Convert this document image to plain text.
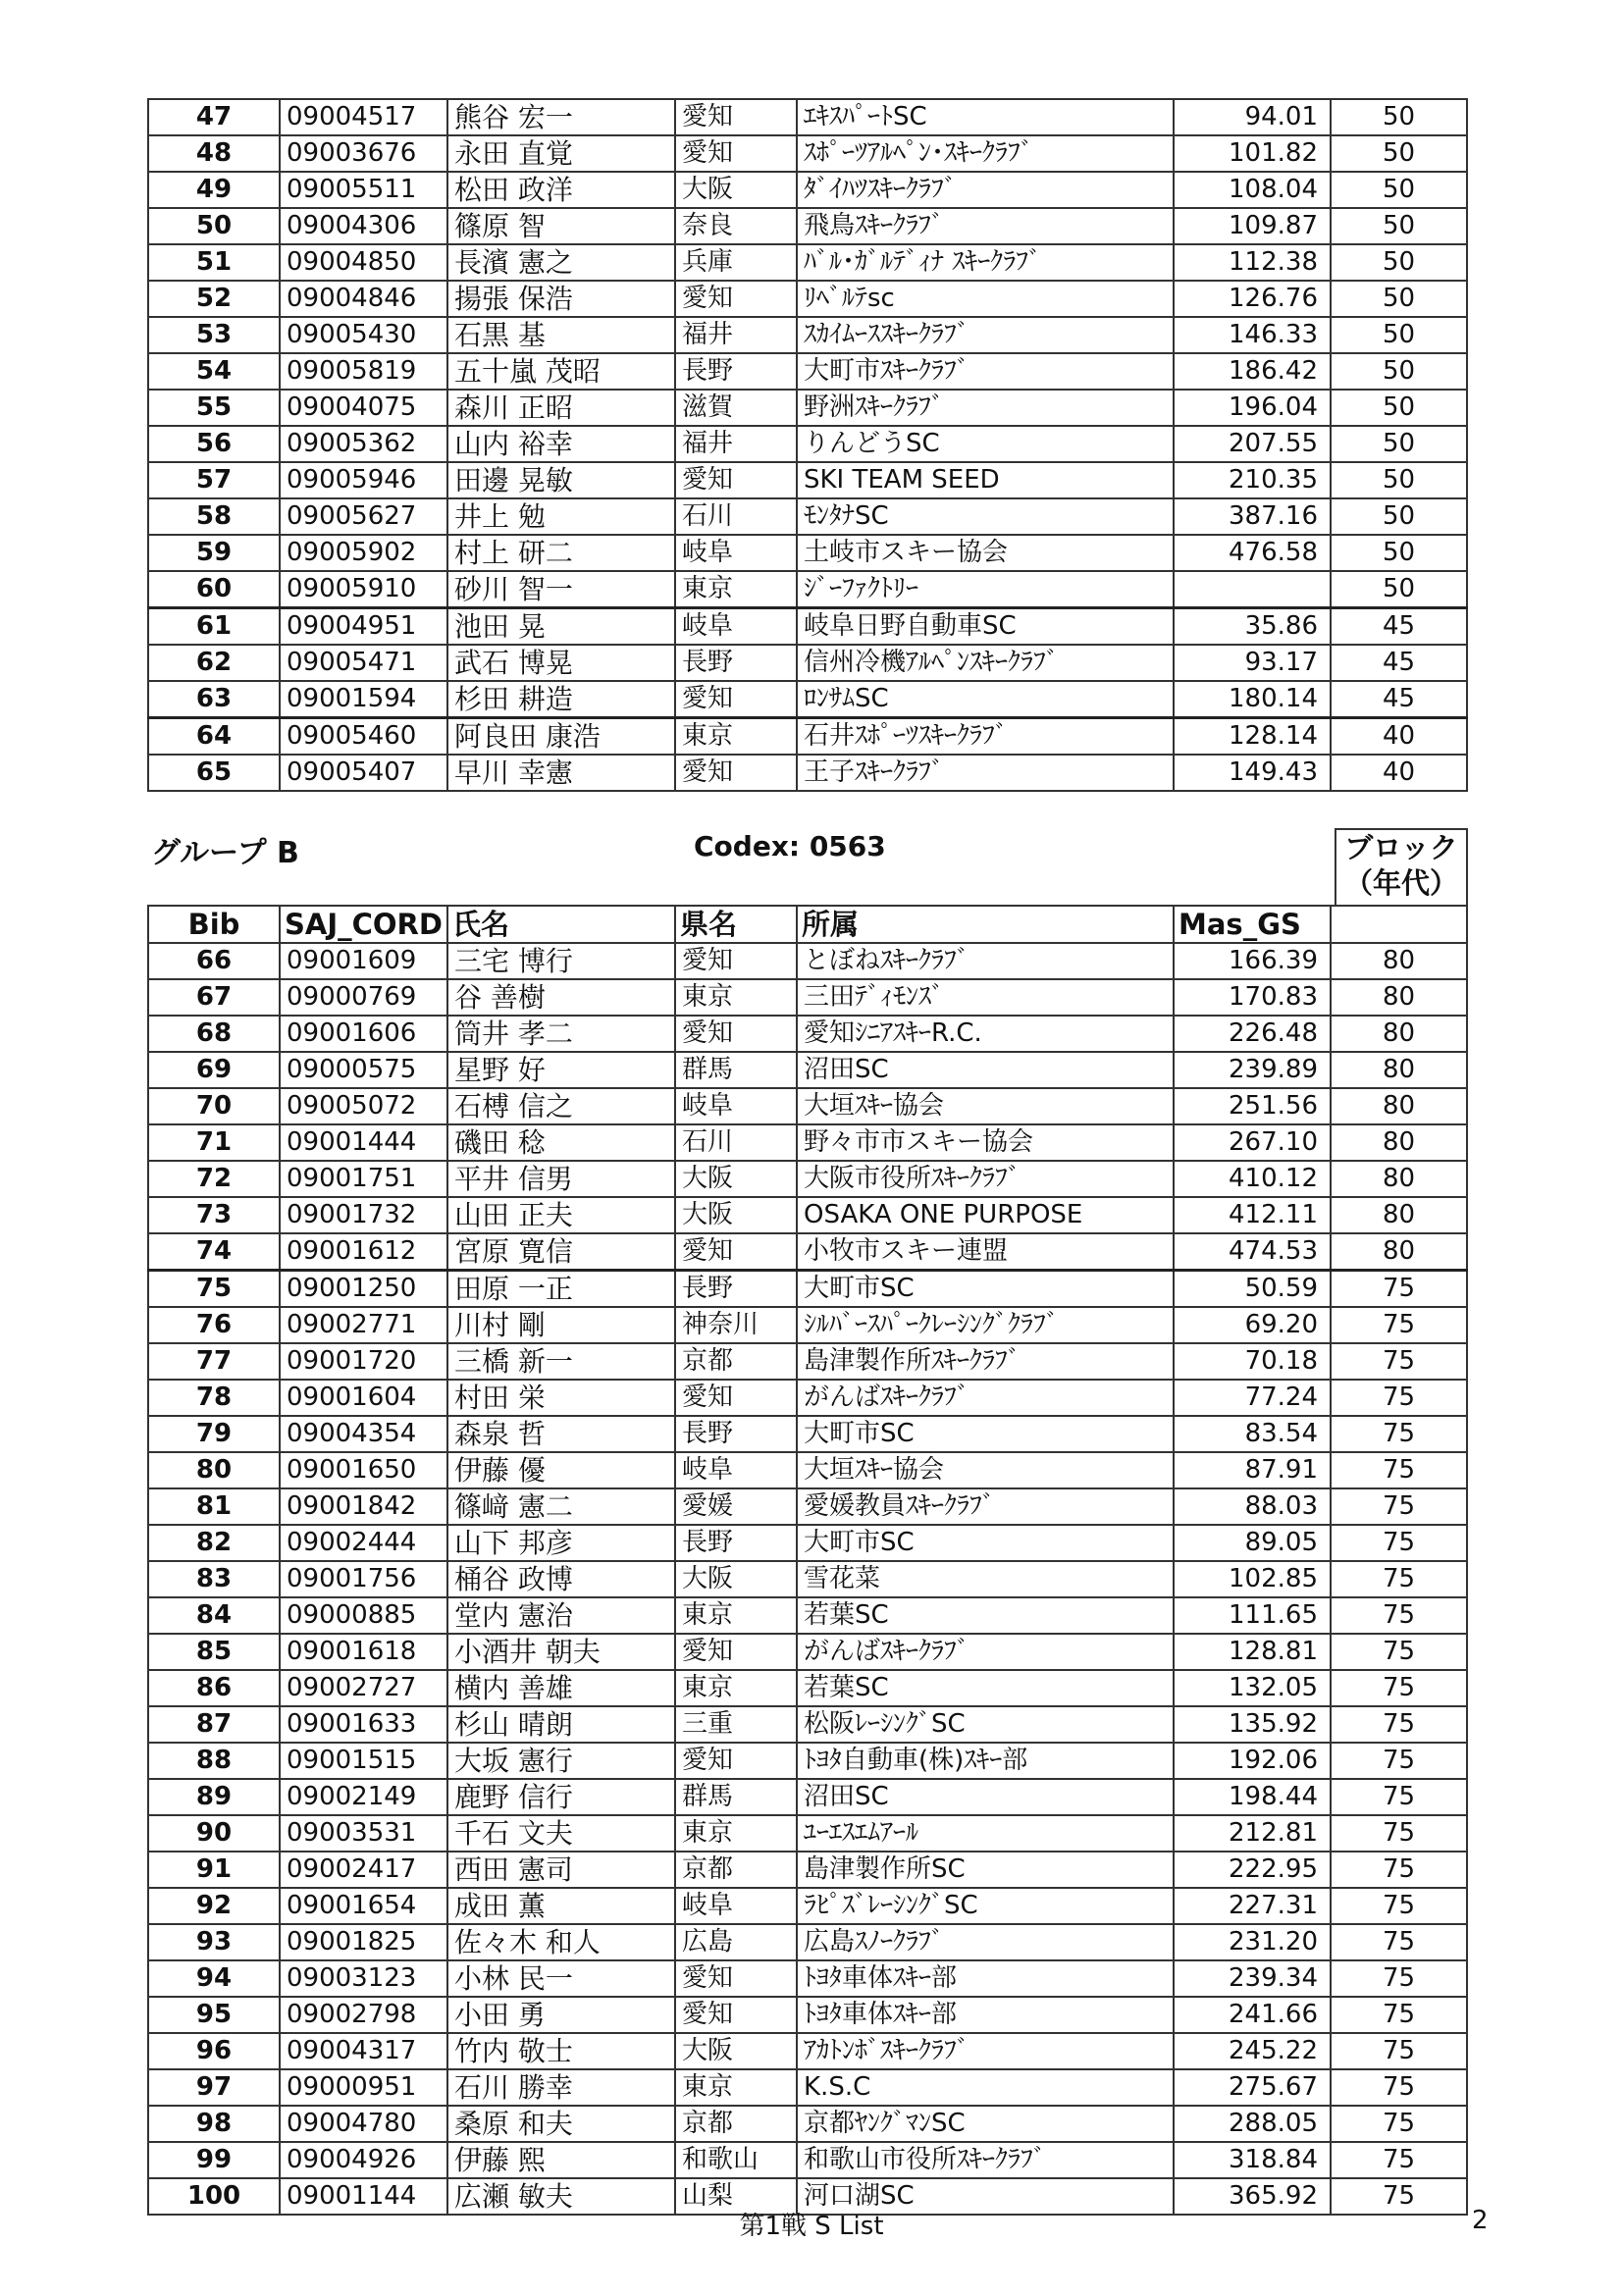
47	09004517	熊谷 宏一	愛知	ｴｷｽﾊﾟｰﾄSC	94.01	50
48	09003676	永田 直覚	愛知	ｽﾎﾟｰﾂｱﾙﾍﾟﾝ･ｽｷｰｸﾗﾌﾞ	101.82	50
49	09005511	松田 政洋	大阪	ﾀﾞｲﾊﾂｽｷｰｸﾗﾌﾞ	108.04	50
50	09004306	篠原 智	奈良	飛鳥ｽｷｰｸﾗﾌﾞ	109.87	50
51	09004850	長濱 憲之	兵庫	ﾊﾞﾙ･ｶﾞﾙﾃﾞｨﾅ ｽｷｰｸﾗﾌﾞ	112.38	50
52	09004846	揚張 保浩	愛知	ﾘﾍﾞﾙﾃsc	126.76	50
53	09005430	石黒 基	福井	ｽｶｲﾑｰｽｽｷｰｸﾗﾌﾞ	146.33	50
54	09005819	五十嵐 茂昭	長野	大町市ｽｷｰｸﾗﾌﾞ	186.42	50
55	09004075	森川 正昭	滋賀	野洲ｽｷｰｸﾗﾌﾞ	196.04	50
56	09005362	山内 裕幸	福井	りんどうSC	207.55	50
57	09005946	田邊 晃敏	愛知	SKI TEAM SEED	210.35	50
58	09005627	井上 勉	石川	ﾓﾝﾀﾅSC	387.16	50
59	09005902	村上 研二	岐阜	土岐市スキー協会	476.58	50
60	09005910	砂川 智一	東京	ｼﾞｰﾌｧｸﾄﾘｰ		50
61	09004951	池田 晃	岐阜	岐阜日野自動車SC	35.86	45
62	09005471	武石 博晃	長野	信州冷機ｱﾙﾍﾟﾝｽｷｰｸﾗﾌﾞ	93.17	45
63	09001594	杉田 耕造	愛知	ﾛﾝｻﾑSC	180.14	45
64	09005460	阿良田 康浩	東京	石井ｽﾎﾟｰﾂｽｷｰｸﾗﾌﾞ	128.14	40
65	09005407	早川 幸憲	愛知	王子ｽｷｰｸﾗﾌﾞ	149.43	40
グループ B	Codex: 0563	ブロック
（年代）
Bib	SAJ_CORD	氏名	県名	所属	Mas_GS	
66	09001609	三宅 博行	愛知	とぼねｽｷｰｸﾗﾌﾞ	166.39	80
67	09000769	谷 善樹	東京	三田ﾃﾞｨﾓﾝｽﾞ	170.83	80
68	09001606	筒井 孝二	愛知	愛知ｼﾆｱｽｷｰR.C.	226.48	80
69	09000575	星野 好	群馬	沼田SC	239.89	80
70	09005072	石榑 信之	岐阜	大垣ｽｷｰ協会	251.56	80
71	09001444	磯田 稔	石川	野々市市スキー協会	267.10	80
72	09001751	平井 信男	大阪	大阪市役所ｽｷｰｸﾗﾌﾞ	410.12	80
73	09001732	山田 正夫	大阪	OSAKA ONE PURPOSE	412.11	80
74	09001612	宮原 寛信	愛知	小牧市スキー連盟	474.53	80
75	09001250	田原 一正	長野	大町市SC	50.59	75
76	09002771	川村 剛	神奈川	ｼﾙﾊﾞｰｽﾊﾟｰｸﾚｰｼﾝｸﾞｸﾗﾌﾞ	69.20	75
77	09001720	三橋 新一	京都	島津製作所ｽｷｰｸﾗﾌﾞ	70.18	75
78	09001604	村田 栄	愛知	がんばｽｷｰｸﾗﾌﾞ	77.24	75
79	09004354	森泉 哲	長野	大町市SC	83.54	75
80	09001650	伊藤 優	岐阜	大垣ｽｷｰ協会	87.91	75
81	09001842	篠﨑 憲二	愛媛	愛媛教員ｽｷｰｸﾗﾌﾞ	88.03	75
82	09002444	山下 邦彦	長野	大町市SC	89.05	75
83	09001756	桶谷 政博	大阪	雪花菜	102.85	75
84	09000885	堂内 憲治	東京	若葉SC	111.65	75
85	09001618	小酒井 朝夫	愛知	がんばｽｷｰｸﾗﾌﾞ	128.81	75
86	09002727	横内 善雄	東京	若葉SC	132.05	75
87	09001633	杉山 晴朗	三重	松阪ﾚｰｼﾝｸﾞSC	135.92	75
88	09001515	大坂 憲行	愛知	ﾄﾖﾀ自動車(株)ｽｷｰ部	192.06	75
89	09002149	鹿野 信行	群馬	沼田SC	198.44	75
90	09003531	千石 文夫	東京	ﾕｰｴｽｴﾑｱｰﾙ	212.81	75
91	09002417	西田 憲司	京都	島津製作所SC	222.95	75
92	09001654	成田 薫	岐阜	ﾗﾋﾟｽﾞﾚｰｼﾝｸﾞSC	227.31	75
93	09001825	佐々木 和人	広島	広島ｽﾉｰｸﾗﾌﾞ	231.20	75
94	09003123	小林 民一	愛知	ﾄﾖﾀ車体ｽｷｰ部	239.34	75
95	09002798	小田 勇	愛知	ﾄﾖﾀ車体ｽｷｰ部	241.66	75
96	09004317	竹内 敬士	大阪	ｱｶﾄﾝﾎﾞｽｷｰｸﾗﾌﾞ	245.22	75
97	09000951	石川 勝幸	東京	K.S.C	275.67	75
98	09004780	桑原 和夫	京都	京都ﾔﾝｸﾞﾏﾝSC	288.05	75
99	09004926	伊藤 熙	和歌山	和歌山市役所ｽｷｰｸﾗﾌﾞ	318.84	75
100	09001144	広瀬 敏夫	山梨	河口湖SC	365.92	75
第1戦 S List	2
